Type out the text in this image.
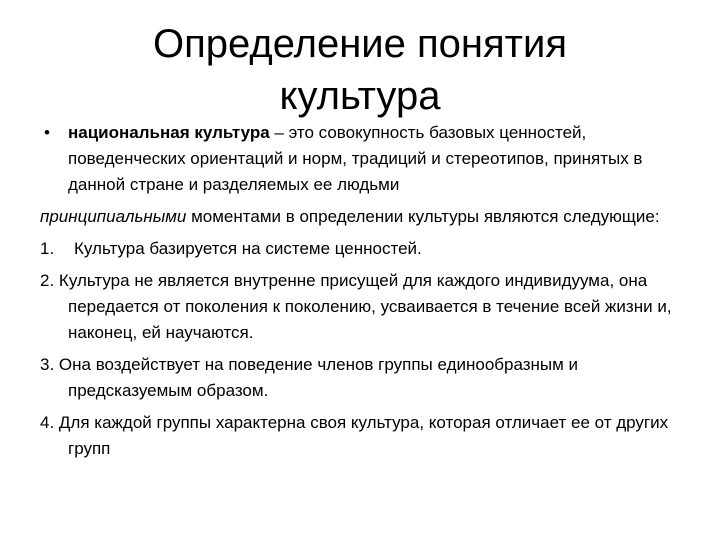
Определение понятия
культура
• национальная культура – это совокупность базовых ценностей, поведенческих ориентаций и норм, традиций и стереотипов, принятых в данной стране и разделяемых ее людьми
принципиальными моментами в определении культуры являются следующие:
1. Культура базируется на системе ценностей.
2. Культура не является внутренне присущей для каждого индивидуума, она передается от поколения к поколению, усваивается в течение всей жизни и, наконец, ей научаются.
3. Она воздействует на поведение членов группы единообразным и предсказуемым образом.
4. Для каждой группы характерна своя культура, которая отличает ее от других групп
